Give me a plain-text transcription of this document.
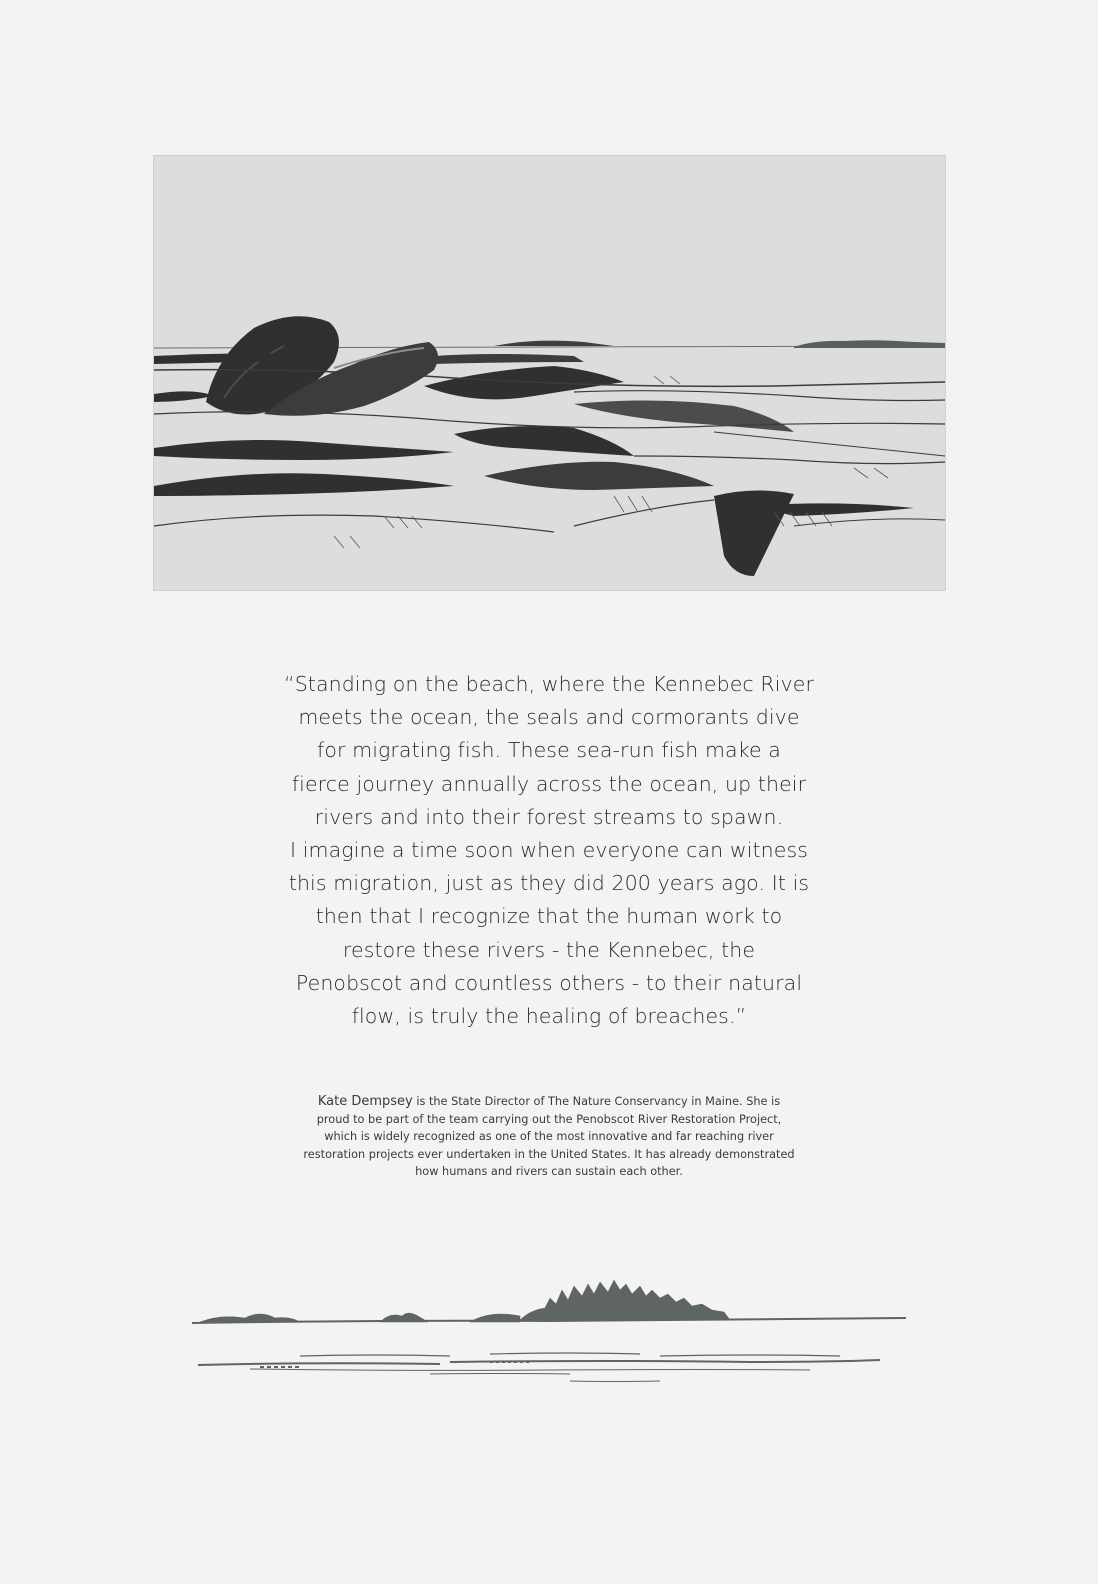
“Standing on the beach, where the Kennebec River
meets the ocean, the seals and cormorants dive
for migrating fish. These sea-run fish make a
fierce journey annually across the ocean, up their
rivers and into their forest streams to spawn.
I imagine a time soon when everyone can witness
this migration, just as they did 200 years ago. It is
then that I recognize that the human work to
restore these rivers - the Kennebec, the
Penobscot and countless others - to their natural
flow, is truly the healing of breaches.”

Kate Dempsey is the State Director of The Nature Conservancy in Maine. She is
proud to be part of the team carrying out the Penobscot River Restoration Project,
which is widely recognized as one of the most innovative and far reaching river
restoration projects ever undertaken in the United States. It has already demonstrated
how humans and rivers can sustain each other.
